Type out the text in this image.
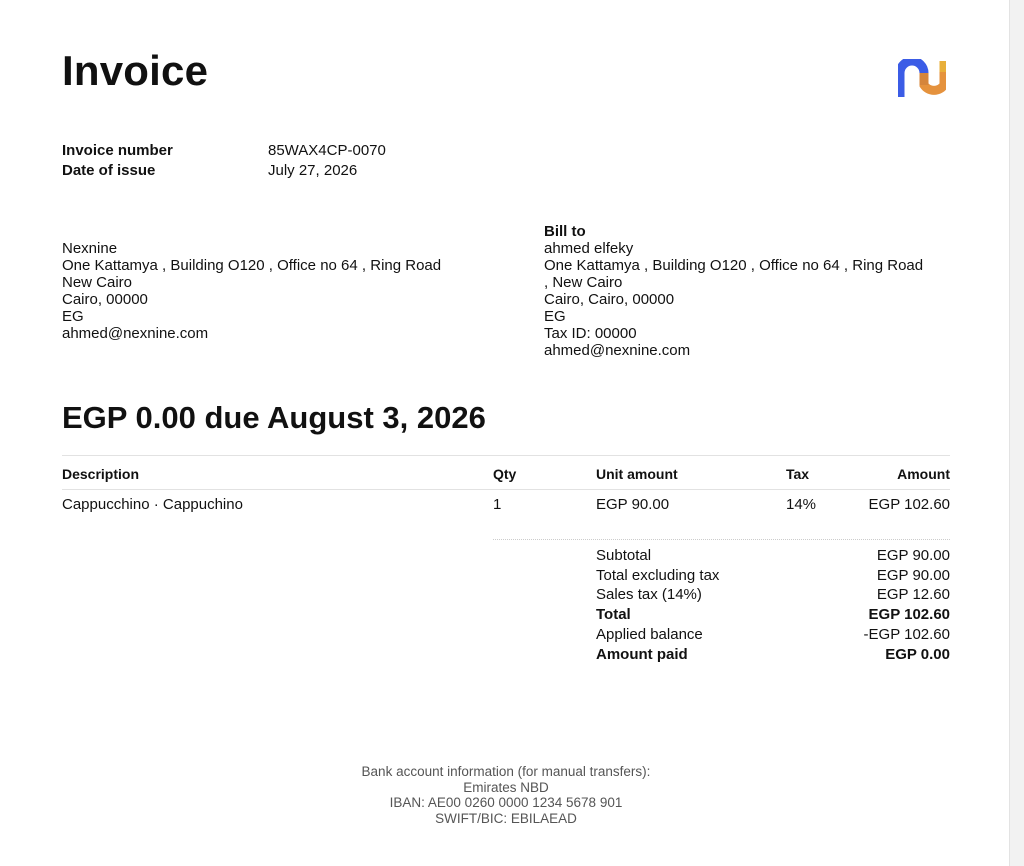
Invoice
Invoice number	85WAX4CP-0070
Date of issue	July 27, 2026
Nexnine
One Kattamya , Building O120 , Office no 64 , Ring Road
New Cairo
Cairo, 00000
EG
ahmed@nexnine.com
Bill to
ahmed elfeky
One Kattamya , Building O120 , Office no 64 , Ring Road , New Cairo
Cairo, Cairo, 00000
EG
Tax ID: 00000
ahmed@nexnine.com
EGP 0.00 due August 3, 2026
Description	Qty	Unit amount	Tax	Amount
Cappucchino · Cappuchino	1	EGP 90.00	14%	EGP 102.60
Subtotal	EGP 90.00
Total excluding tax	EGP 90.00
Sales tax (14%)	EGP 12.60
Total	EGP 102.60
Applied balance	-EGP 102.60
Amount paid	EGP 0.00
Bank account information (for manual transfers):
Emirates NBD
IBAN: AE00 0260 0000 1234 5678 901
SWIFT/BIC: EBILAEAD
